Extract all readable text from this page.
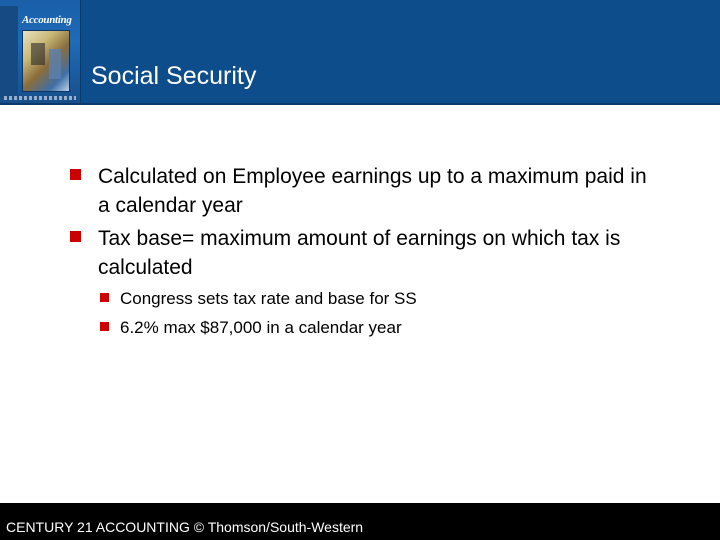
Accounting
Social Security
Calculated on Employee earnings up to a maximum paid in a calendar year
Tax base= maximum amount of earnings on which tax is calculated
Congress sets tax rate and base for SS
6.2% max $87,000 in a calendar year
CENTURY 21 ACCOUNTING © Thomson/South-Western
